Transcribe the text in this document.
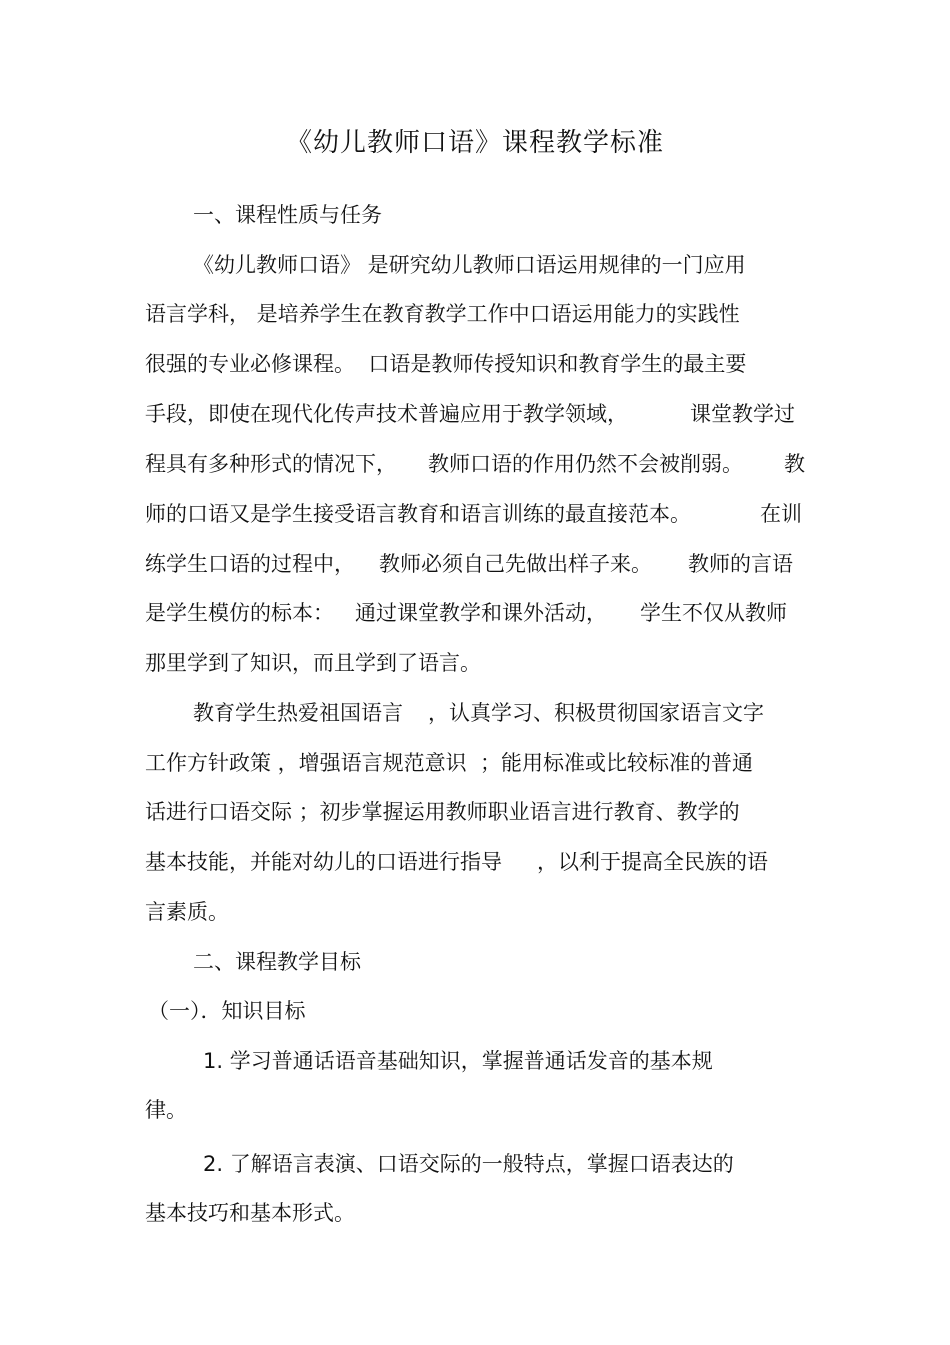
《幼儿教师口语》课程教学标准
一、课程性质与任务
《幼儿教师口语》 是研究幼儿教师口语运用规律的一门应用
语言学科， 是培养学生在教育教学工作中口语运用能力的实践性
很强的专业必修课程。  口语是教师传授知识和教育学生的最主要
手段，即使在现代化传声技术普遍应用于教学领域，	课堂教学过
程具有多种形式的情况下， 教师口语的作用仍然不会被削弱。 教
师的口语又是学生接受语言教育和语言训练的最直接范本。	在训
练学生口语的过程中， 教师必须自己先做出样子来。 教师的言语
是学生模仿的标本： 通过课堂教学和课外活动， 学生不仅从教师
那里学到了知识，而且学到了语言。
教育学生热爱祖国语言 ，认真学习、积极贯彻国家语言文字
工作方针政策 ，增强语言规范意识  ；能用标准或比较标准的普通
话进行口语交际 ；初步掌握运用教师职业语言进行教育、教学的
基本技能，并能对幼儿的口语进行指导 ，以利于提高全民族的语
言素质。
二、课程教学目标
（一）．知识目标
1. 学习普通话语音基础知识，掌握普通话发音的基本规
律。
2. 了解语言表演、口语交际的一般特点，掌握口语表达的
基本技巧和基本形式。
